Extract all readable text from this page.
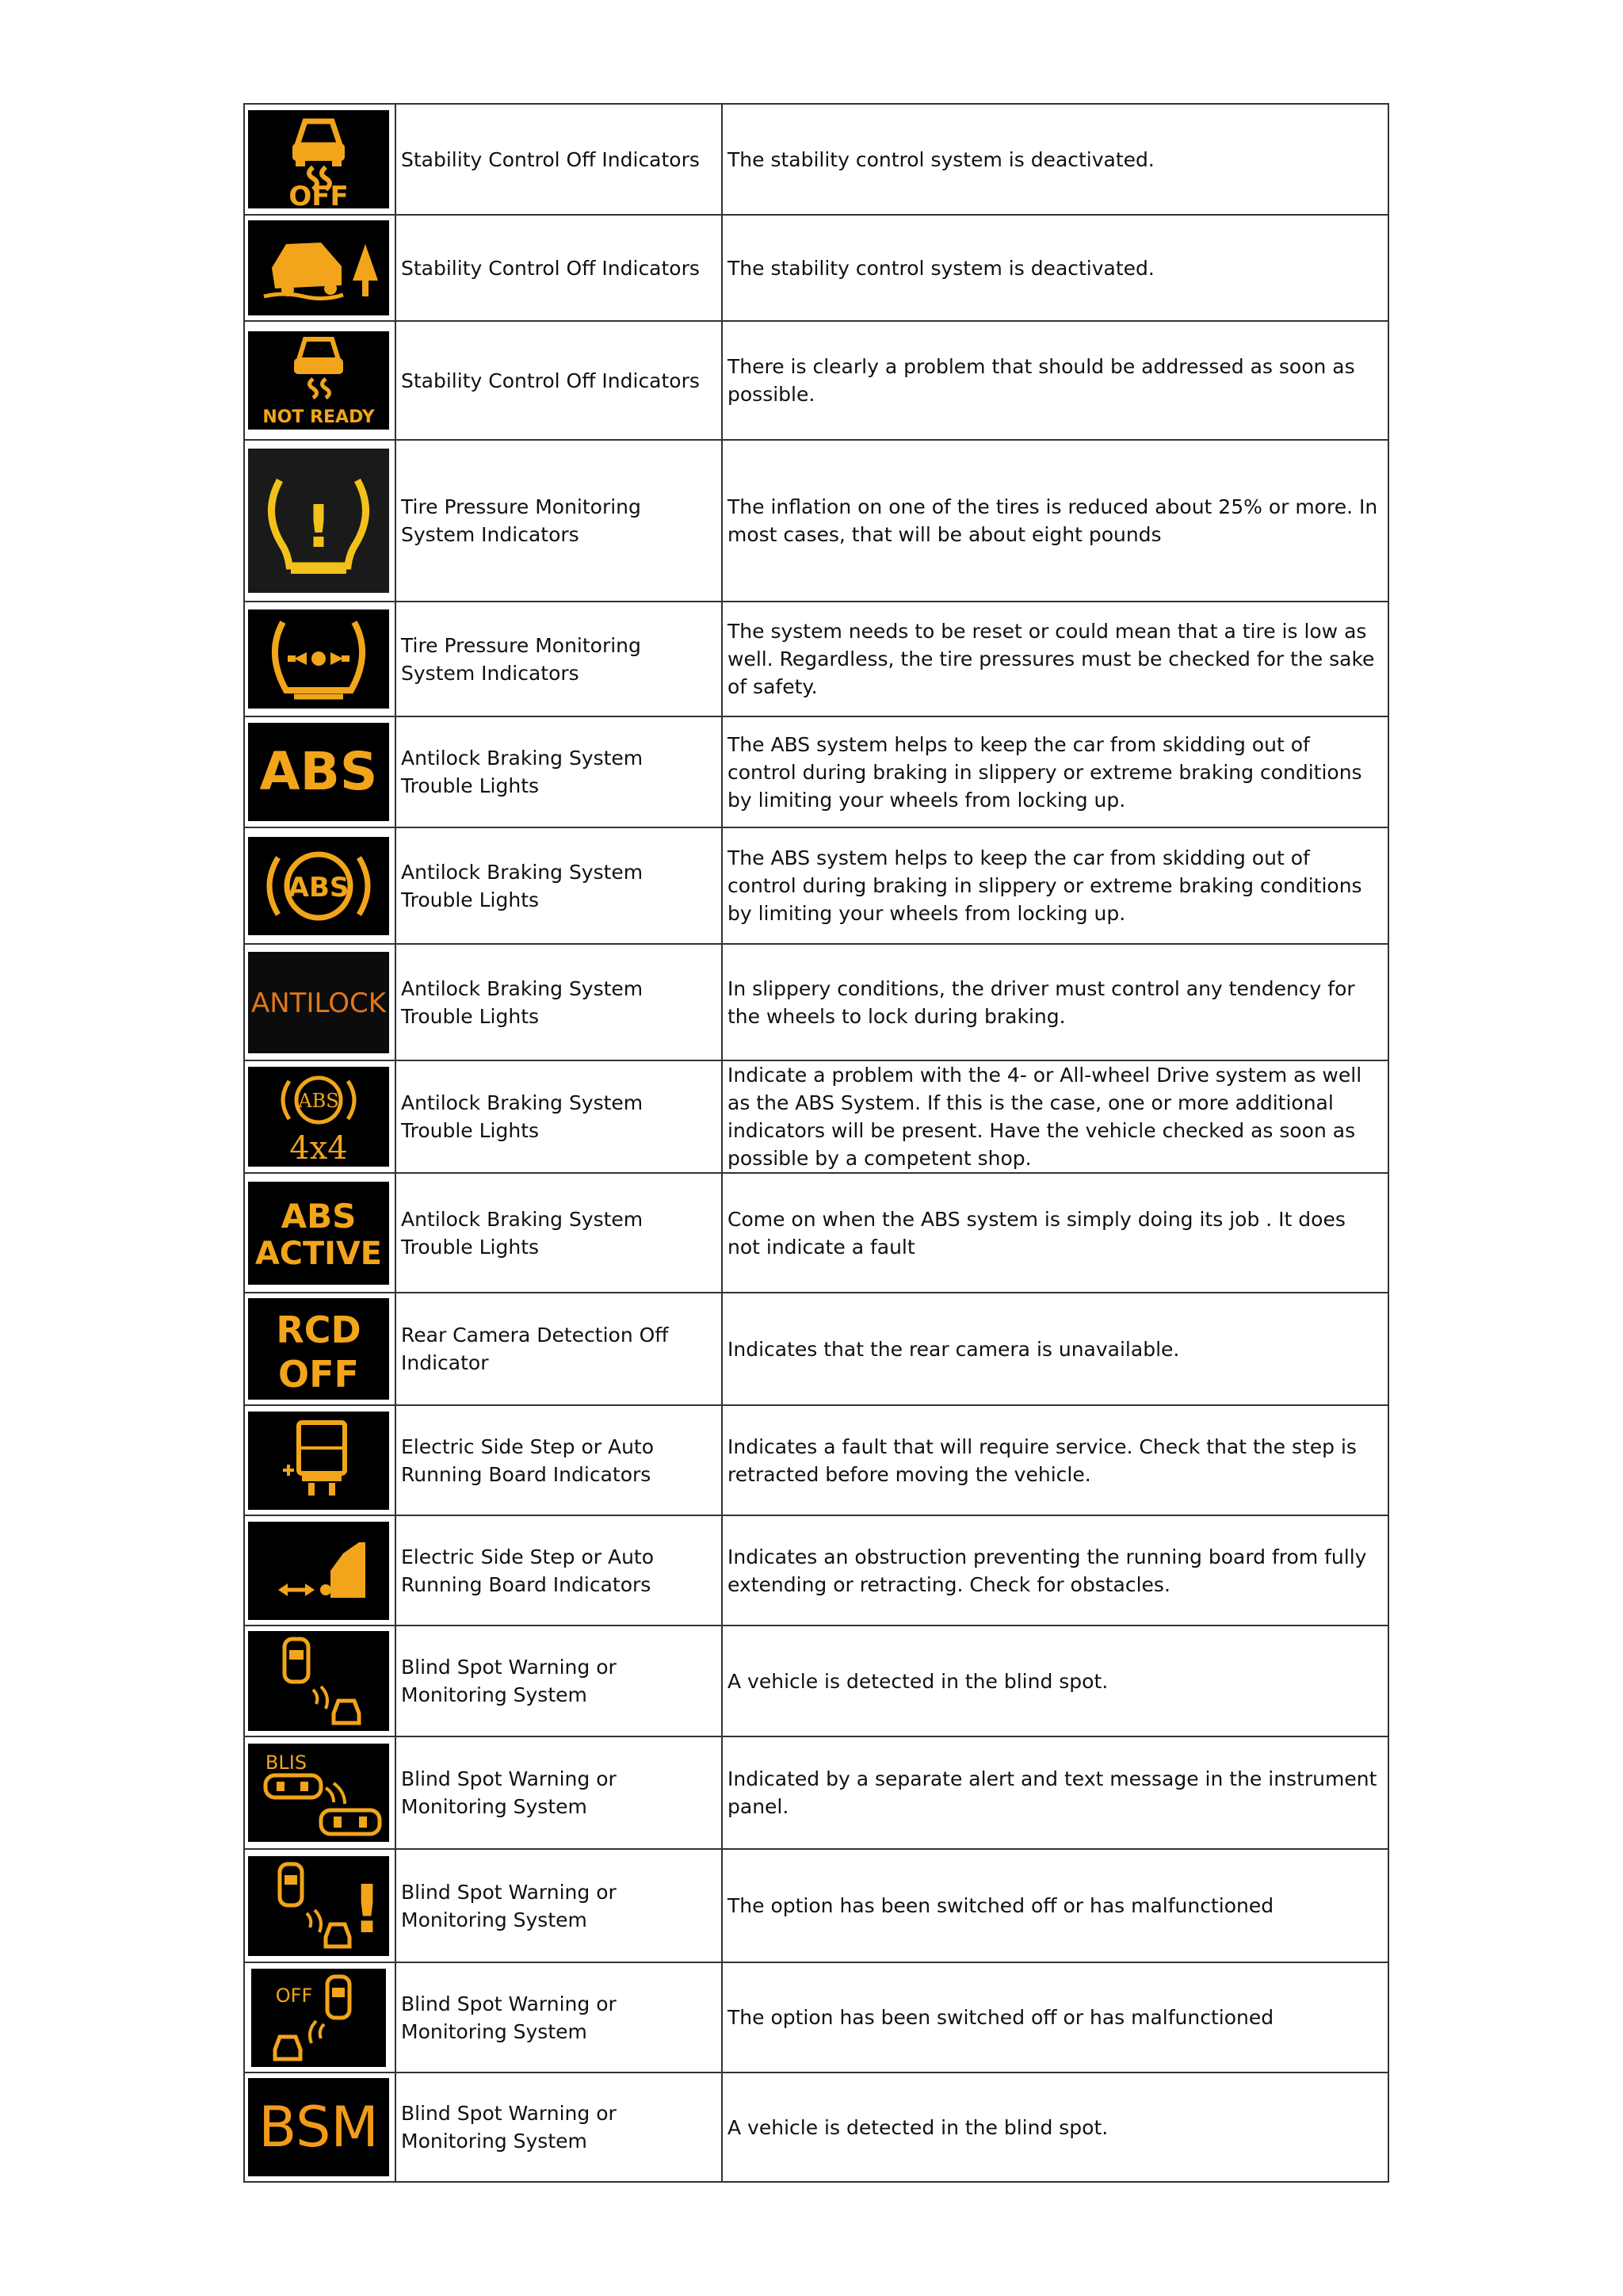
OFF	Stability Control Off Indicators	The stability control system is deactivated.

	Stability Control Off Indicators	The stability control system is deactivated.

NOT READY	Stability Control Off Indicators	There is clearly a problem that should be addressed as soon as possible.

!	Tire Pressure Monitoring System Indicators	The inflation on one of the tires is reduced about 25% or more. In most cases, that will be about eight pounds

	Tire Pressure Monitoring System Indicators	The system needs to be reset or could mean that a tire is low as well. Regardless, the tire pressures must be checked for the sake of safety.

ABS	Antilock Braking System Trouble Lights	The ABS system helps to keep the car from skidding out of control during braking in slippery or extreme braking conditions by limiting your wheels from locking up.

ABS	Antilock Braking System Trouble Lights	The ABS system helps to keep the car from skidding out of control during braking in slippery or extreme braking conditions by limiting your wheels from locking up.

ANTILOCK	Antilock Braking System Trouble Lights	In slippery conditions, the driver must control any tendency for the wheels to lock during braking.

ABS
4x4	Antilock Braking System Trouble Lights	Indicate a problem with the 4- or All-wheel Drive system as well as the ABS System. If this is the case, one or more additional indicators will be present. Have the vehicle checked as soon as possible by a competent shop.

ABS
ACTIVE	Antilock Braking System Trouble Lights	Come on when the ABS system is simply doing its job . It does not indicate a fault

RCD
OFF	Rear Camera Detection Off Indicator	Indicates that the rear camera is unavailable.

	Electric Side Step or Auto Running Board Indicators	Indicates a fault that will require service. Check that the step is retracted before moving the vehicle.

	Electric Side Step or Auto Running Board Indicators	Indicates an obstruction preventing the running board from fully extending or retracting. Check for obstacles.

	Blind Spot Warning or Monitoring System	A vehicle is detected in the blind spot.

BLIS	Blind Spot Warning or Monitoring System	Indicated by a separate alert and text message in the instrument panel.

!	Blind Spot Warning or Monitoring System	The option has been switched off or has malfunctioned

OFF	Blind Spot Warning or Monitoring System	The option has been switched off or has malfunctioned

BSM	Blind Spot Warning or Monitoring System	A vehicle is detected in the blind spot.
